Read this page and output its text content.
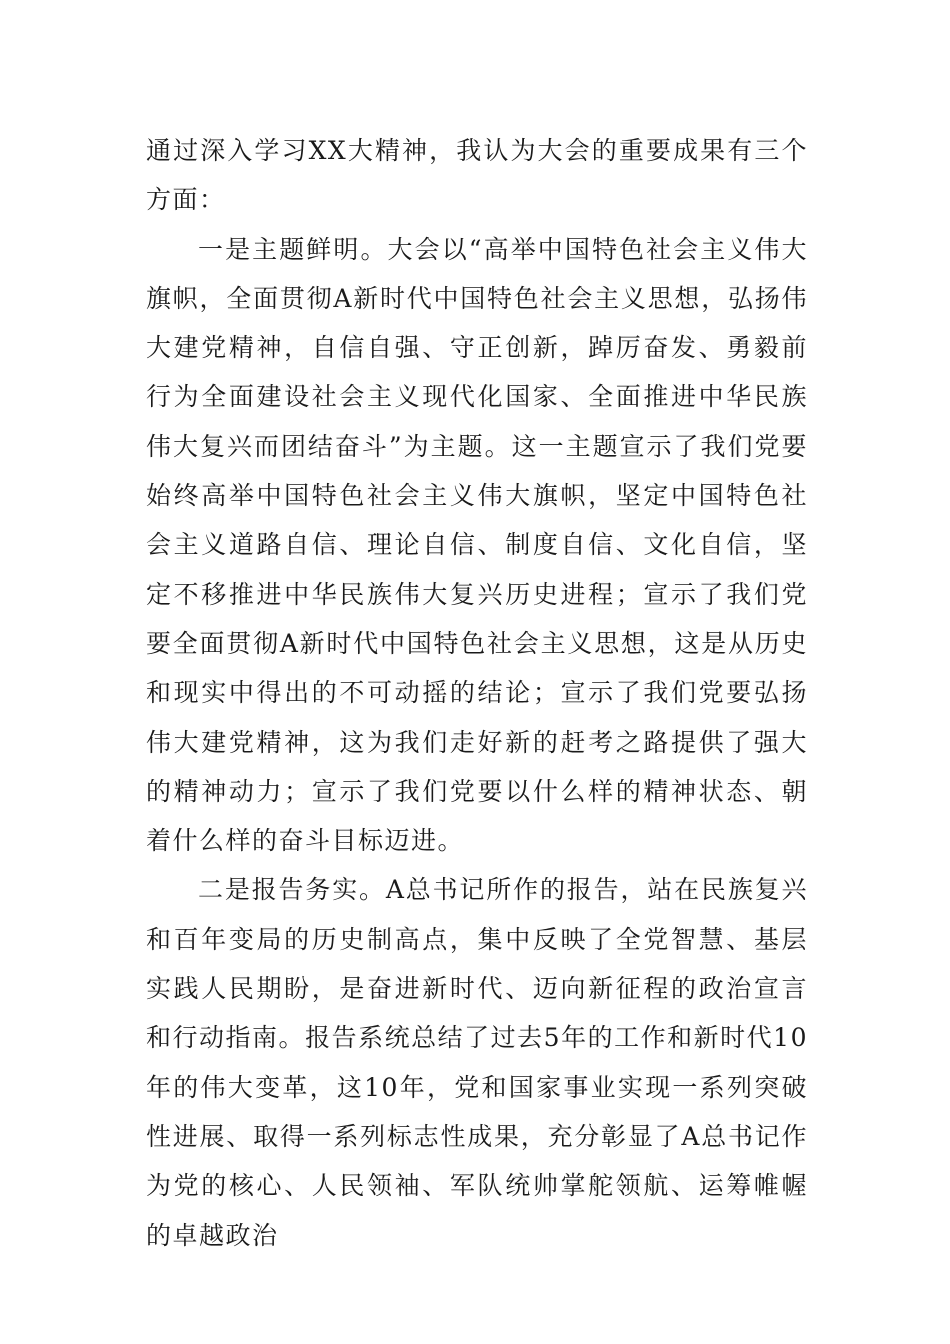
通过深入学习XX大精神，我认为大会的重要成果有三个方面：

一是主题鲜明。大会以“高举中国特色社会主义伟大旗帜，全面贯彻A新时代中国特色社会主义思想，弘扬伟大建党精神，自信自强、守正创新，踔厉奋发、勇毅前行为全面建设社会主义现代化国家、全面推进中华民族伟大复兴而团结奋斗”为主题。这一主题宣示了我们党要始终高举中国特色社会主义伟大旗帜，坚定中国特色社会主义道路自信、理论自信、制度自信、文化自信，坚定不移推进中华民族伟大复兴历史进程；宣示了我们党要全面贯彻A新时代中国特色社会主义思想，这是从历史和现实中得出的不可动摇的结论；宣示了我们党要弘扬伟大建党精神，这为我们走好新的赶考之路提供了强大的精神动力；宣示了我们党要以什么样的精神状态、朝着什么样的奋斗目标迈进。

二是报告务实。A总书记所作的报告，站在民族复兴和百年变局的历史制高点，集中反映了全党智慧、基层实践人民期盼，是奋进新时代、迈向新征程的政治宣言和行动指南。报告系统总结了过去5年的工作和新时代10年的伟大变革，这10年，党和国家事业实现一系列突破性进展、取得一系列标志性成果，充分彰显了A总书记作为党的核心、人民领袖、军队统帅掌舵领航、运筹帷幄的卓越政治
